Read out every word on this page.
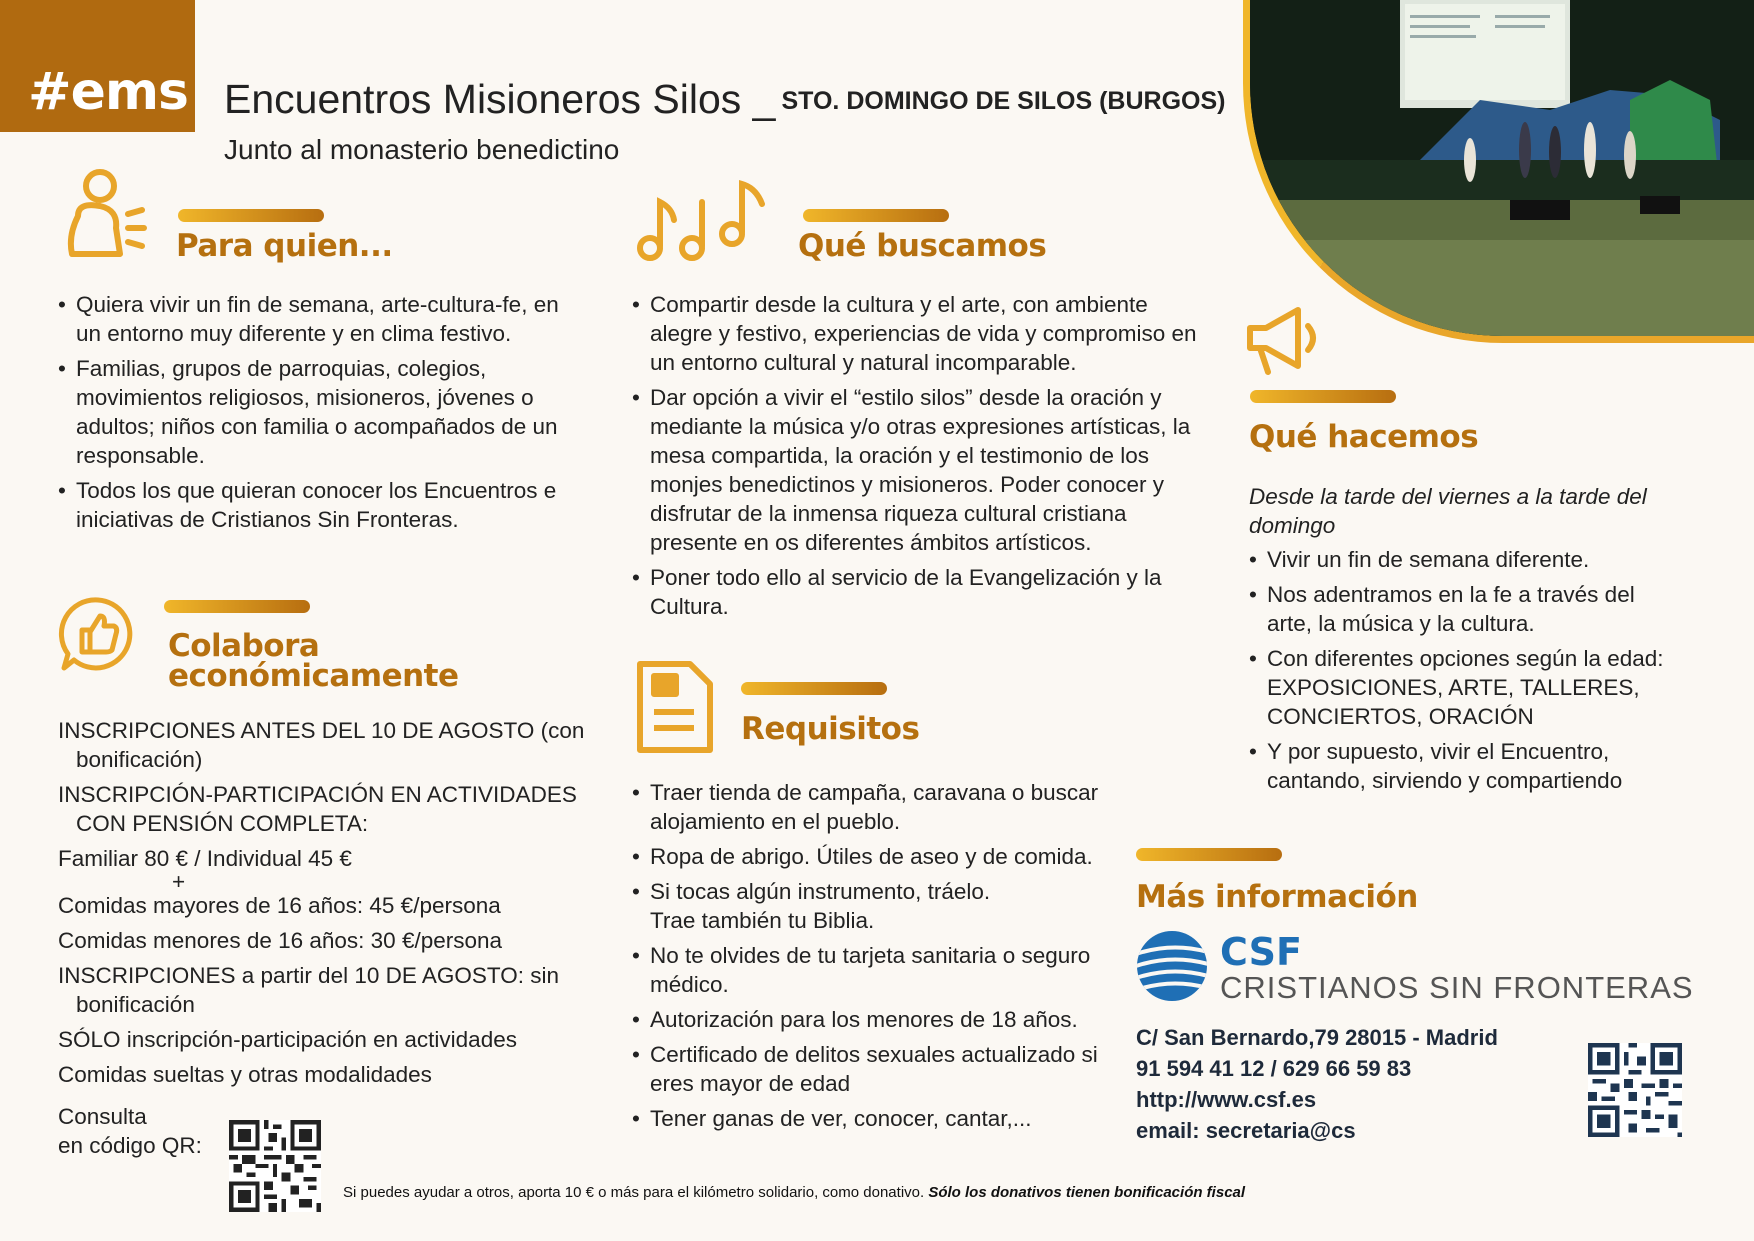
#ems Encuentros Misioneros Silos _ STO. DOMINGO DE SILOS (BURGOS)
Junto al monasterio benedictino
Para quien...
• Quiera vivir un fin de semana, arte-cultura-fe, en un entorno muy diferente y en clima festivo.
• Familias, grupos de parroquias, colegios, movimientos religiosos, misioneros, jóvenes o adultos; niños con familia o acompañados de un responsable.
• Todos los que quieran conocer los Encuentros e iniciativas de Cristianos Sin Fronteras.
Colabora
económicamente

INSCRIPCIONES ANTES DEL 10 DE AGOSTO (con bonificación)

INSCRIPCIÓN-PARTICIPACIÓN EN ACTIVIDADES CON PENSIÓN COMPLETA:

Familiar 80 € / Individual 45 €

+

Comidas mayores de 16 años: 45 €/persona

Comidas menores de 16 años: 30 €/persona

INSCRIPCIONES a partir del 10 DE AGOSTO: sin bonificación

SÓLO inscripción-participación en actividades

Comidas sueltas y otras modalidades

Consulta
en código QR:
Qué buscamos
• Compartir desde la cultura y el arte, con ambiente alegre y festivo, experiencias de vida y compromiso en un entorno cultural y natural incomparable.
• Dar opción a vivir el “estilo silos” desde la oración y mediante la música y/o otras expresiones artísticas, la mesa compartida, la oración y el testimonio de los monjes benedictinos y misioneros. Poder conocer y disfrutar de la inmensa riqueza cultural cristiana presente en os diferentes ámbitos artísticos.
• Poner todo ello al servicio de la Evangelización y la Cultura.
Requisitos
• Traer tienda de campaña, caravana o buscar alojamiento en el pueblo.
• Ropa de abrigo. Útiles de aseo y de comida.
• Si tocas algún instrumento, tráelo.
Trae también tu Biblia.
• No te olvides de tu tarjeta sanitaria o seguro médico.
• Autorización para los menores de 18 años.
• Certificado de delitos sexuales actualizado si eres mayor de edad
• Tener ganas de ver, conocer, cantar,...
Qué hacemos
Desde la tarde del viernes a la tarde del domingo
• Vivir un fin de semana diferente.
• Nos adentramos en la fe a través del arte, la música y la cultura.
• Con diferentes opciones según la edad: EXPOSICIONES, ARTE, TALLERES, CONCIERTOS, ORACIÓN
• Y por supuesto, vivir el Encuentro, cantando, sirviendo y compartiendo
Más información
CSF
CRISTIANOS SIN FRONTERAS
C/ San Bernardo,79 28015 - Madrid
91 594 41 12 / 629 66 59 83
http://www.csf.es
email: secretaria@cs
Si puedes ayudar a otros, aporta 10 € o más para el kilómetro solidario, como donativo. Sólo los donativos tienen bonificación fiscal
